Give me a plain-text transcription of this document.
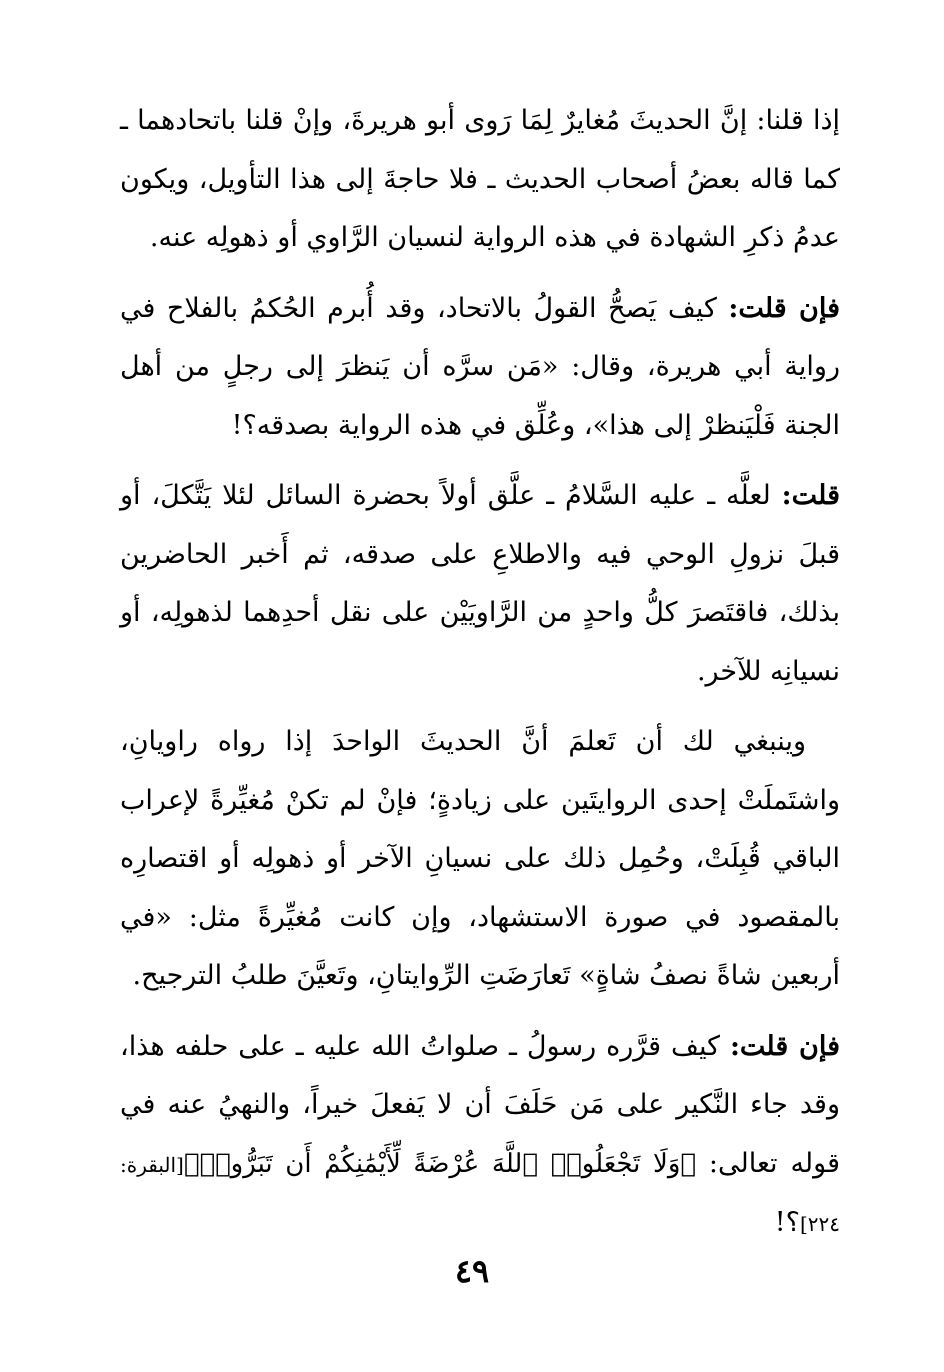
إذا قلنا: إنَّ الحديثَ مُغايرٌ لِمَا رَوى أبو هريرةَ، وإنْ قلنا باتحادهما ـ كما قاله بعضُ أصحاب الحديث ـ فلا حاجةَ إلى هذا التأويل، ويكون عدمُ ذكرِ الشهادة في هذه الرواية لنسيان الرَّاوي أو ذهولِه عنه.

فإن قلت: كيف يَصحُّ القولُ بالاتحاد، وقد أُبرم الحُكمُ بالفلاح في رواية أبي هريرة، وقال: «مَن سرَّه أن يَنظرَ إلى رجلٍ من أهل الجنة فَلْيَنظرْ إلى هذا»، وعُلِّق في هذه الرواية بصدقه؟!

قلت: لعلَّه ـ عليه السَّلامُ ـ علَّق أولاً بحضرة السائل لئلا يَتَّكلَ، أو قبلَ نزولِ الوحي فيه والاطلاعِ على صدقه، ثم أَخبر الحاضرين بذلك، فاقتَصرَ كلُّ واحدٍ من الرَّاويَيْن على نقل أحدِهما لذهولِه، أو نسيانِه للآخر.

وينبغي لك أن تَعلمَ أنَّ الحديثَ الواحدَ إذا رواه راويانِ، واشتَملَتْ إحدى الروايتَين على زيادةٍ؛ فإنْ لم تكنْ مُغيِّرةً لإعراب الباقي قُبِلَتْ، وحُمِل ذلك على نسيانِ الآخر أو ذهولِه أو اقتصارِه بالمقصود في صورة الاستشهاد، وإن كانت مُغيِّرةً مثل: «في أربعين شاةً نصفُ شاةٍ» تَعارَضَتِ الرِّوايتانِ، وتَعيَّنَ طلبُ الترجيح.

فإن قلت: كيف قرَّره رسولُ ـ صلواتُ الله عليه ـ على حلفه هذا، وقد جاء النَّكير على مَن حَلَفَ أن لا يَفعلَ خيراً، والنهيُ عنه في قوله تعالى: ﴿وَلَا تَجْعَلُوا۟ ٱللَّهَ عُرْضَةً لِّأَيْمَٰنِكُمْ أَن تَبَرُّوا۟﴾[البقرة: ٢٢٤]؟!

٤٩
